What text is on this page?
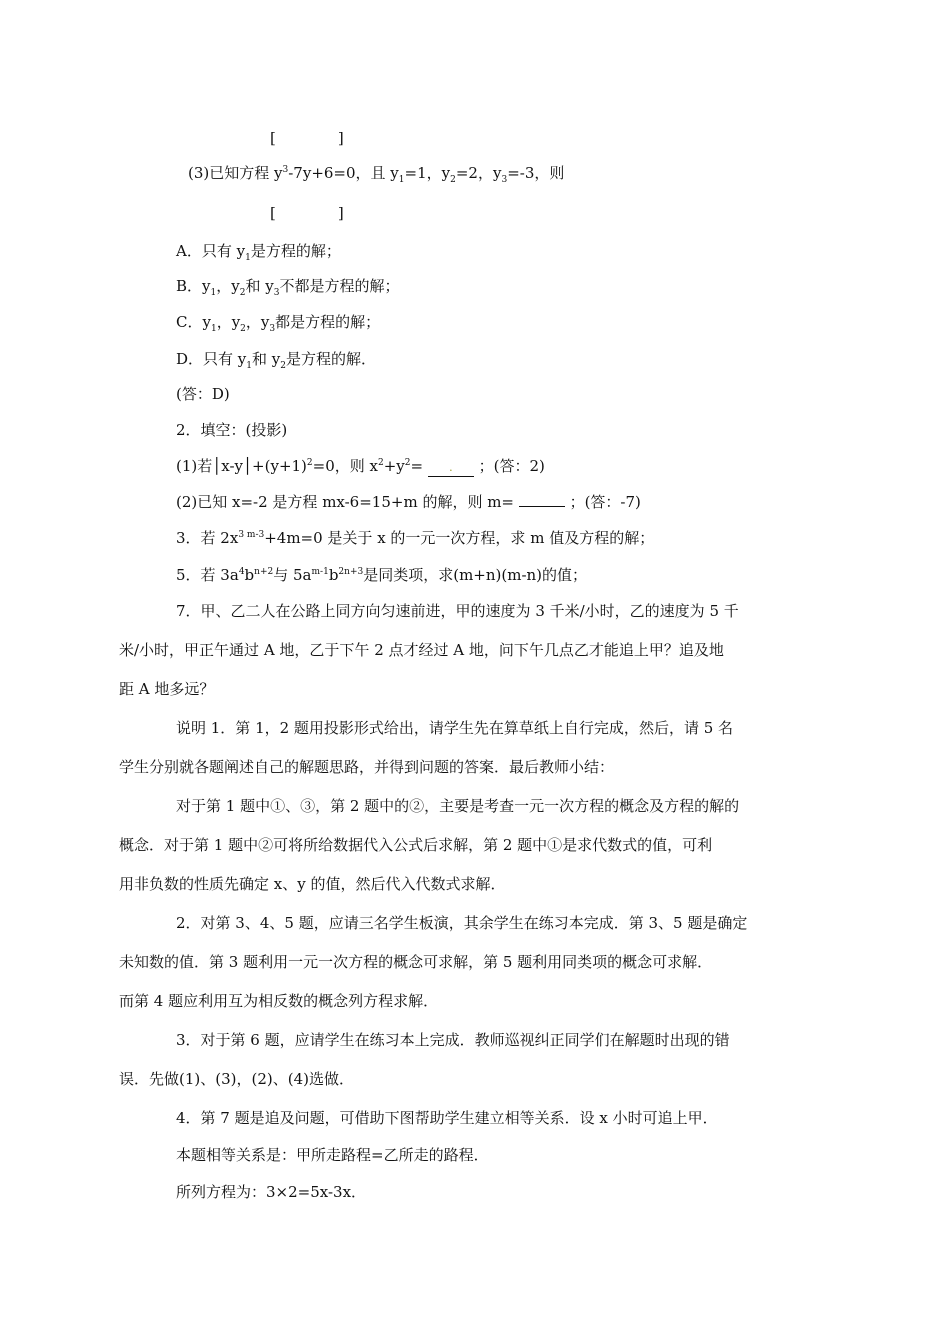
[	]
(3)已知方程 $y^3-7y+6=0$，且 $y_1=1$，$y_2=2$，$y_3=-3$，则
[	]
A．只有 $y_1$是方程的解；
B．$y_1$，$y_2$和 $y_3$不都是方程的解；
C．$y_1$，$y_2$，$y_3$都是方程的解；
D．只有 $y_1$和 $y_2$是方程的解．
(答：D)
2．填空：(投影)
(1)若$│x-y│+(y+1)^2=0$，则 $x^2+y^2=$ . ；(答：2)
(2)已知 x=-2 是方程 mx-6=15+m 的解，则 m=	；(答：-7)
3．若 $2x^{3 m-3}+4m=0$ 是关于 x 的一元一次方程，求 m 值及方程的解；
5．若 $3a^4b^{n+2}$与 $5a^{m-1}b^{2n+3}$是同类项，求(m+n)(m-n)的值；
7．甲、乙二人在公路上同方向匀速前进，甲的速度为 3 千米/小时，乙的速度为 5 千
米/小时，甲正午通过 A 地，乙于下午 2 点才经过 A 地，问下午几点乙才能追上甲？追及地
距 A 地多远？
说明 1．第 1，2 题用投影形式给出，请学生先在算草纸上自行完成，然后，请 5 名
学生分别就各题阐述自己的解题思路，并得到问题的答案．最后教师小结：
对于第 1 题中①、③，第 2 题中的②，主要是考查一元一次方程的概念及方程的解的
概念．对于第 1 题中②可将所给数据代入公式后求解，第 2 题中①是求代数式的值，可利
用非负数的性质先确定 x、y 的值，然后代入代数式求解．
2．对第 3、4、5 题，应请三名学生板演，其余学生在练习本完成．第 3、5 题是确定
未知数的值．第 3 题利用一元一次方程的概念可求解，第 5 题利用同类项的概念可求解．
而第 4 题应利用互为相反数的概念列方程求解．
3．对于第 6 题，应请学生在练习本上完成．教师巡视纠正同学们在解题时出现的错
误．先做(1)、(3)，(2)、(4)选做．
4．第 7 题是追及问题，可借助下图帮助学生建立相等关系．设 x 小时可追上甲．
本题相等关系是：甲所走路程=乙所走的路程．
所列方程为：3×2=5x-3x．
